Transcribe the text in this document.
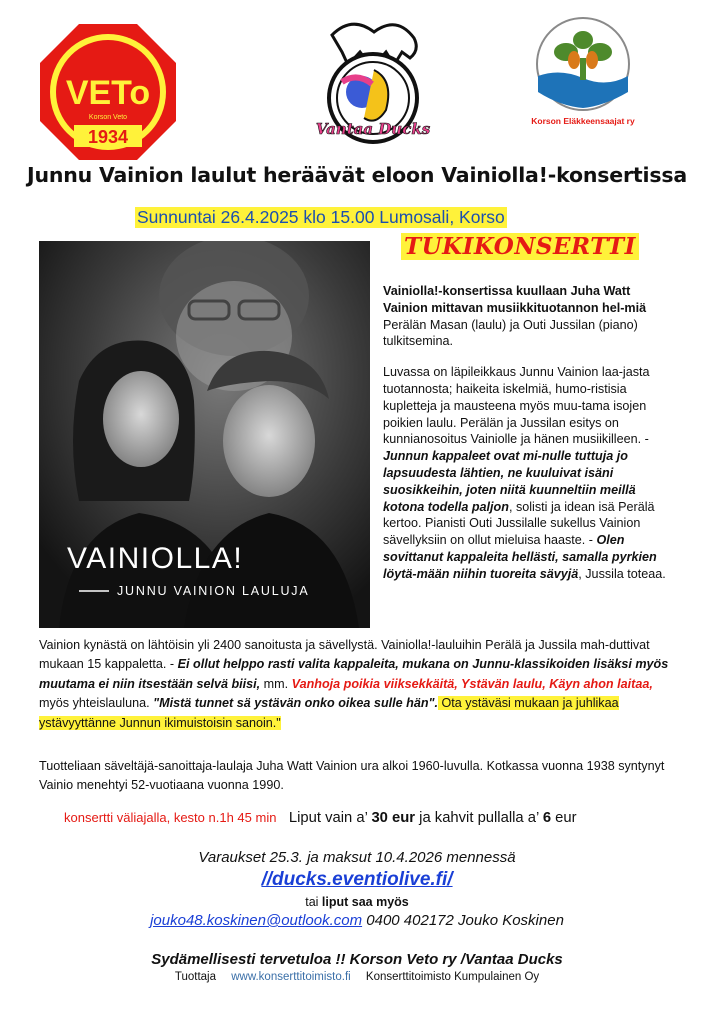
VETo
1934
Korson Veto
Vantaa Ducks	Korson Eläkkeensaajat ry
Junnu Vainion laulut heräävät eloon Vainiolla!-konsertissa
Sunnuntai 26.4.2025 klo 15.00 Lumosali, Korso
TUKIKONSERTTI
VAINIOLLA!
JUNNU VAINION LAULUJA

Vainiolla!-konsertissa kuullaan Juha Watt Vainion mittavan musiikkituotannon hel-miä Perälän Masan (laulu) ja Outi Jussilan (piano) tulkitsemina.

Luvassa on läpileikkaus Junnu Vainion laa-jasta tuotannosta; haikeita iskelmiä, humo-ristisia kupletteja ja mausteena myös muu-tama isojen poikien laulu. Perälän ja Jussilan esitys on kunnianosoitus Vainiolle ja hänen musiikilleen. - Junnun kappaleet ovat mi-nulle tuttuja jo lapsuudesta lähtien, ne kuuluivat isäni suosikkeihin, joten niitä kuunneltiin meillä kotona todella paljon, solisti ja idean isä Perälä kertoo. Pianisti Outi Jussilalle sukellus Vainion sävellyksiin on ollut mieluisa haaste. - Olen sovittanut kappaleita hellästi, samalla pyrkien löytä-mään niihin tuoreita sävyjä, Jussila toteaa.

Vainion kynästä on lähtöisin yli 2400 sanoitusta ja sävellystä. Vainiolla!-lauluihin Perälä ja Jussila mah-duttivat mukaan 15 kappaletta. - Ei ollut helppo rasti valita kappaleita, mukana on Junnu-klassikoiden lisäksi myös muutama ei niin itsestään selvä biisi, mm. Vanhoja poikia viiksekkäitä, Ystävän laulu, Käyn ahon laitaa, myös yhteislauluna. "Mistä tunnet sä ystävän onko oikea sulle hän". Ota ystäväsi mukaan ja juhlikaa ystävyyttänne Junnun ikimuistoisin sanoin."
Tuotteliaan säveltäjä-sanoittaja-laulaja Juha Watt Vainion ura alkoi 1960-luvulla. Kotkassa vuonna 1938 syntynyt Vainio menehtyi 52-vuotiaana vuonna 1990.
konsertti väliajalla, kesto n.1h 45 min Liput vain a’ 30 eur ja kahvit pullalla a’ 6 eur
Varaukset 25.3. ja maksut 10.4.2026 mennessä
//ducks.eventiolive.fi/
tai liput saa myös
jouko48.koskinen@outlook.com 0400 402172 Jouko Koskinen
Sydämellisesti tervetuloa !! Korson Veto ry /Vantaa Ducks
Tuottaja www.konserttitoimisto.fi Konserttitoimisto Kumpulainen Oy
